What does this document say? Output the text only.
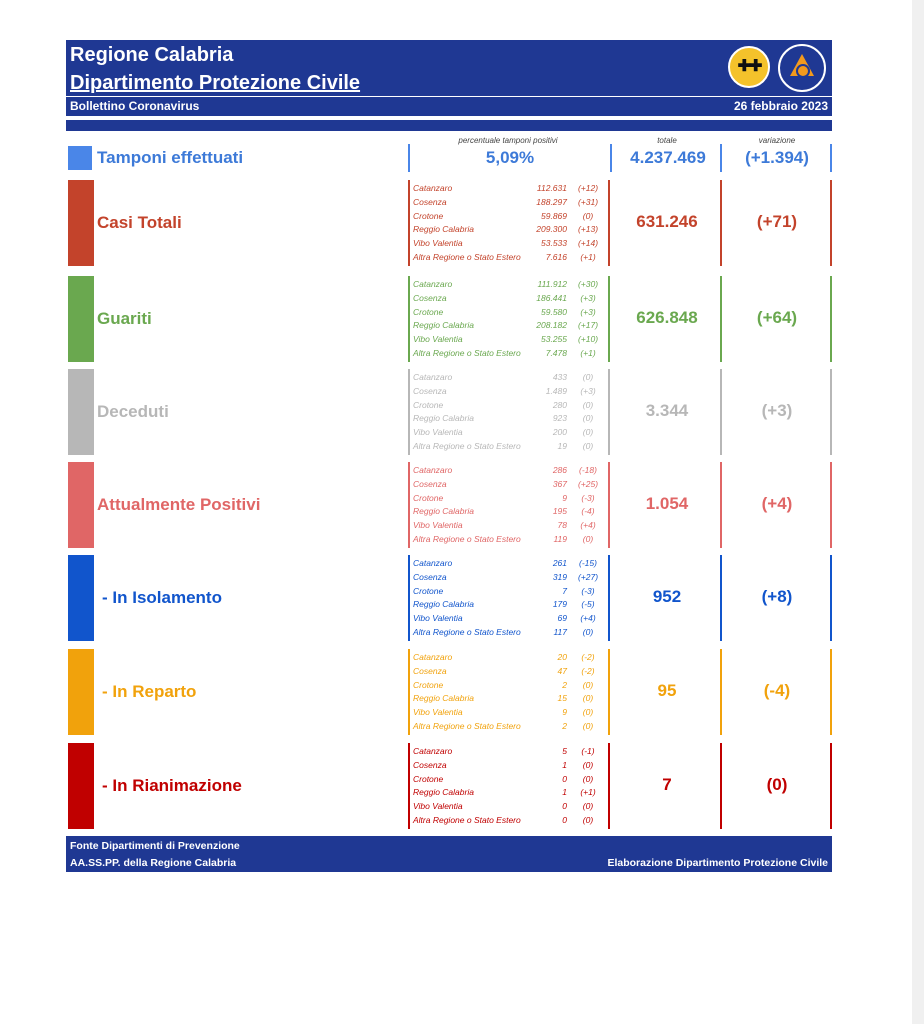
Regione Calabria
Dipartimento Protezione Civile
Bollettino Coronavirus	26 febbraio 2023
✚✚
percentuale tamponi positivi	totale	variazione
Tamponi effettuati	5,09%	4.237.469	(+1.394)
Casi Totali
Catanzaro	112.631	(+12)
Cosenza	188.297	(+31)
Crotone	59.869	(0)
Reggio Calabria	209.300	(+13)
Vibo Valentia	53.533	(+14)
Altra Regione o Stato Estero	7.616	(+1)
631.246	(+71)
Guariti
Catanzaro	111.912	(+30)
Cosenza	186.441	(+3)
Crotone	59.580	(+3)
Reggio Calabria	208.182	(+17)
Vibo Valentia	53.255	(+10)
Altra Regione o Stato Estero	7.478	(+1)
626.848	(+64)
Deceduti
Catanzaro	433	(0)
Cosenza	1.489	(+3)
Crotone	280	(0)
Reggio Calabria	923	(0)
Vibo Valentia	200	(0)
Altra Regione o Stato Estero	19	(0)
3.344	(+3)
Attualmente Positivi
Catanzaro	286	(-18)
Cosenza	367	(+25)
Crotone	9	(-3)
Reggio Calabria	195	(-4)
Vibo Valentia	78	(+4)
Altra Regione o Stato Estero	119	(0)
1.054	(+4)
- In Isolamento
Catanzaro	261	(-15)
Cosenza	319	(+27)
Crotone	7	(-3)
Reggio Calabria	179	(-5)
Vibo Valentia	69	(+4)
Altra Regione o Stato Estero	117	(0)
952	(+8)
- In Reparto
Catanzaro	20	(-2)
Cosenza	47	(-2)
Crotone	2	(0)
Reggio Calabria	15	(0)
Vibo Valentia	9	(0)
Altra Regione o Stato Estero	2	(0)
95	(-4)
- In Rianimazione
Catanzaro	5	(-1)
Cosenza	1	(0)
Crotone	0	(0)
Reggio Calabria	1	(+1)
Vibo Valentia	0	(0)
Altra Regione o Stato Estero	0	(0)
7	(0)
Fonte Dipartimenti di Prevenzione
AA.SS.PP. della Regione Calabria	Elaborazione Dipartimento Protezione Civile
